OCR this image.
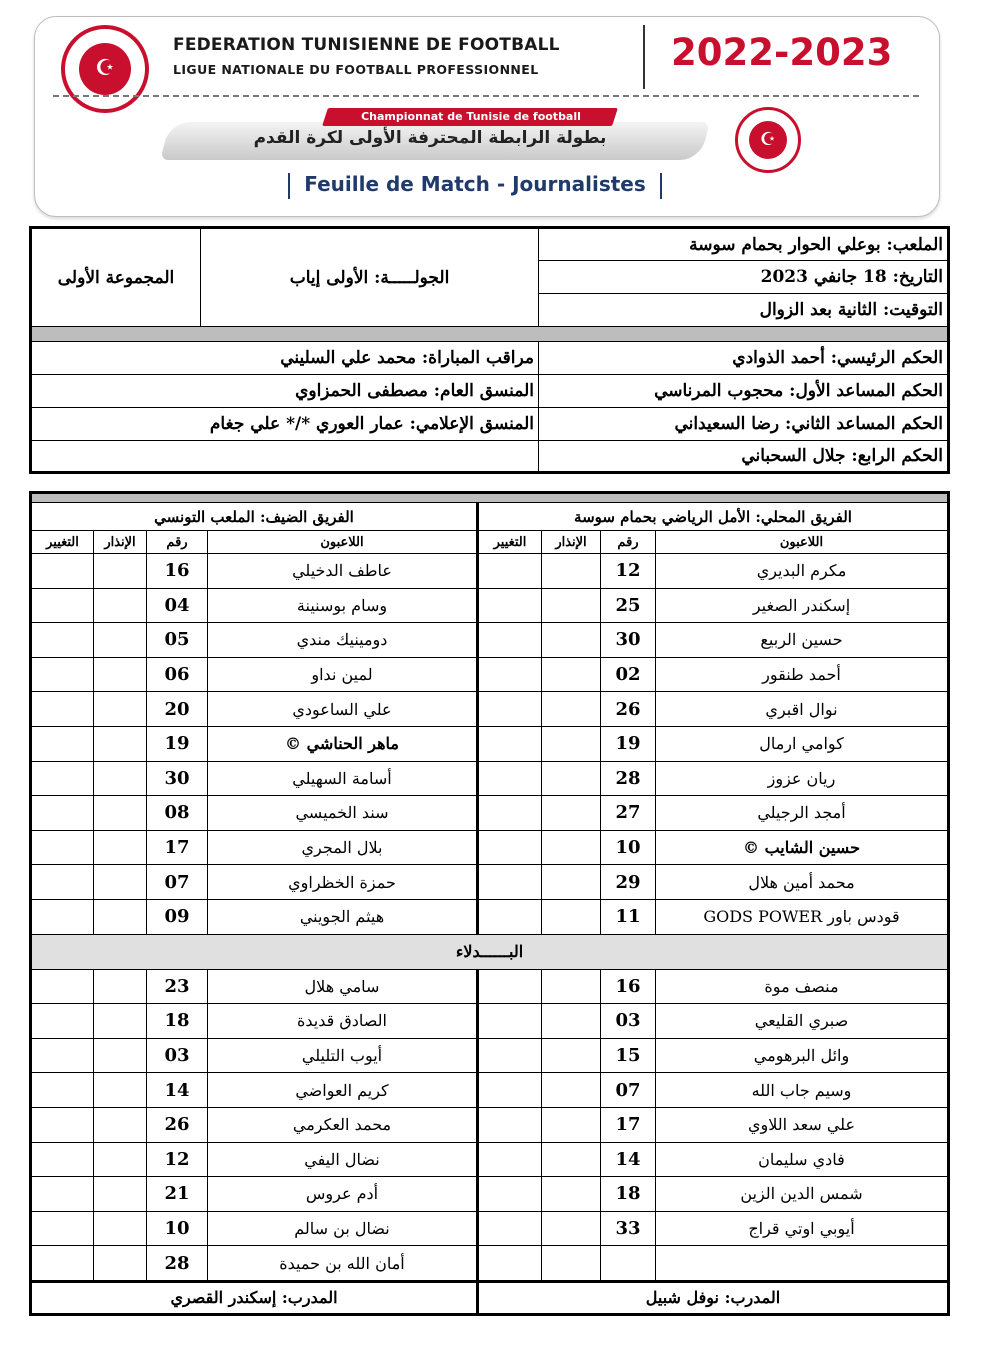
☪
FEDERATION TUNISIENNE DE FOOTBALL
LIGUE NATIONALE DU FOOTBALL PROFESSIONNEL	2022-2023
Championnat de Tunisie de football
بطولة الرابطة المحترفة الأولى لكرة القدم	☪
Feuille de Match - Journalistes
المجموعة الأولى	الجولـــــة: الأولى إياب	الملعب: بوعلي الحوار بحمام سوسة
		التاريخ: 18 جانفي 2023
		التوقيت: الثانية بعد الزوال

مراقب المباراة: محمد علي السليني		الحكم الرئيسي: أحمد الذوادي
المنسق العام: مصطفى الحمزاوي		الحكم المساعد الأول: محجوب المرناسي
المنسق الإعلامي: عمار العوري */* علي جغام		الحكم المساعد الثاني: رضا السعيداني
		الحكم الرابع: جلال السحباني

الفريق الضيف: الملعب التونسي				الفريق المحلي: الأمل الرياضي بحمام سوسة			
التغيير	الإنذار	رقم	اللاعبون	التغيير	الإنذار	رقم	اللاعبون
		16	عاطف الدخيلي			12	مكرم البديري
		04	وسام بوسنينة			25	إسكندر الصغير
		05	دومينيك مندي			30	حسين الربيع
		06	لمين نداو			02	أحمد طنقور
		20	علي الساعودي			26	نوال اقبري
		19	ماهر الحناشي ©			19	كوامي ارمال
		30	أسامة السهيلي			28	ريان عزوز
		08	سند الخميسي			27	أمجد الرجيلي
		17	بلال المجري			10	حسين الشايب ©
		07	حمزة الخظراوي			29	محمد أمين هلال
		09	هيثم الجويني			11	قودس باور GODS POWER
البــــــدلاء							
		23	سامي هلال			16	منصف موة
		18	الصادق قديدة			03	صبري القليعي
		03	أيوب التليلي			15	وائل البرهومي
		14	كريم العواضي			07	وسيم جاب الله
		26	محمد العكرمي			17	علي سعد اللاوي
		12	نضال اليفي			14	فادي سليمان
		21	أدم عروس			18	شمس الدين الزين
		10	نضال بن سالم			33	أيوبي اوتي قراج
		28	أمان الله بن حميدة				
المدرب: إسكندر القصري				المدرب: نوفل شبيل			
